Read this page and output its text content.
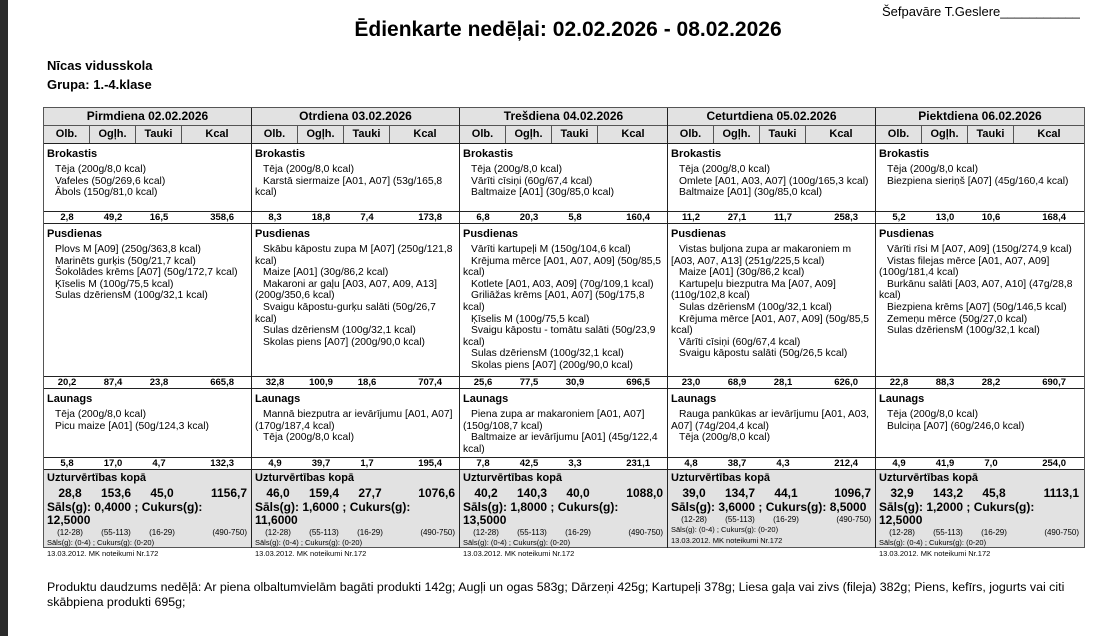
Šefpavāre T.Geslere___________
Ēdienkarte nedēļai: 02.02.2026 - 08.02.2026
Nīcas vidusskola
Grupa: 1.-4.klase
Pirmdiena 02.02.2026
Olb.	Ogļh.	Tauki	Kcal
Brokastis
Tēja (200g/8,0 kcal)
Vafeles (50g/269,6 kcal)
Ābols (150g/81,0 kcal)
2,8	49,2	16,5	358,6
Pusdienas
Plovs M [A09] (250g/363,8 kcal)
Marinēts gurķis (50g/21,7 kcal)
Šokolādes krēms [A07] (50g/172,7 kcal)
Ķīselis M (100g/75,5 kcal)
Sulas dzēriensM (100g/32,1 kcal)
20,2	87,4	23,8	665,8
Launags
Tēja (200g/8,0 kcal)
Picu maize [A01] (50g/124,3 kcal)
5,8	17,0	4,7	132,3
Uzturvērtības kopā
28,8	153,6	45,0	1156,7
Sāls(g): 0,4000 ; Cukurs(g): 12,5000
(12-28)	(55-113)	(16-29)	(490-750)
Sāls(g): (0-4) ; Cukurs(g): (0-20)
13.03.2012. MK noteikumi Nr.172
Otrdiena 03.02.2026
Olb.	Ogļh.	Tauki	Kcal
Brokastis
Tēja (200g/8,0 kcal)
Karstā siermaize [A01, A07] (53g/165,8 kcal)
8,3	18,8	7,4	173,8
Pusdienas
Skābu kāpostu zupa M [A07] (250g/121,8 kcal)
Maize [A01] (30g/86,2 kcal)
Makaroni ar gaļu [A03, A07, A09, A13] (200g/350,6 kcal)
Svaigu kāpostu-gurķu salāti (50g/26,7 kcal)
Sulas dzēriensM (100g/32,1 kcal)
Skolas piens [A07] (200g/90,0 kcal)
32,8	100,9	18,6	707,4
Launags
Mannā biezputra ar ievārījumu [A01, A07] (170g/187,4 kcal)
Tēja (200g/8,0 kcal)
4,9	39,7	1,7	195,4
Uzturvērtības kopā
46,0	159,4	27,7	1076,6
Sāls(g): 1,6000 ; Cukurs(g): 11,6000
(12-28)	(55-113)	(16-29)	(490-750)
Sāls(g): (0-4) ; Cukurs(g): (0-20)
13.03.2012. MK noteikumi Nr.172
Trešdiena 04.02.2026
Olb.	Ogļh.	Tauki	Kcal
Brokastis
Tēja (200g/8,0 kcal)
Vārīti cīsiņi (60g/67,4 kcal)
Baltmaize [A01] (30g/85,0 kcal)
6,8	20,3	5,8	160,4
Pusdienas
Vārīti kartupeļi M (150g/104,6 kcal)
Krējuma mērce [A01, A07, A09] (50g/85,5 kcal)
Kotlete [A01, A03, A09] (70g/109,1 kcal)
Griliāžas krēms [A01, A07] (50g/175,8 kcal)
Ķīselis M (100g/75,5 kcal)
Svaigu kāpostu - tomātu salāti (50g/23,9 kcal)
Sulas dzēriensM (100g/32,1 kcal)
Skolas piens [A07] (200g/90,0 kcal)
25,6	77,5	30,9	696,5
Launags
Piena zupa ar makaroniem [A01, A07] (150g/108,7 kcal)
Baltmaize ar ievārījumu [A01] (45g/122,4 kcal)
7,8	42,5	3,3	231,1
Uzturvērtības kopā
40,2	140,3	40,0	1088,0
Sāls(g): 1,8000 ; Cukurs(g): 13,5000
(12-28)	(55-113)	(16-29)	(490-750)
Sāls(g): (0-4) ; Cukurs(g): (0-20)
13.03.2012. MK noteikumi Nr.172
Ceturtdiena 05.02.2026
Olb.	Ogļh.	Tauki	Kcal
Brokastis
Tēja (200g/8,0 kcal)
Omlete [A01, A03, A07] (100g/165,3 kcal)
Baltmaize [A01] (30g/85,0 kcal)
11,2	27,1	11,7	258,3
Pusdienas
Vistas buljona zupa ar makaroniem m [A03, A07, A13] (251g/225,5 kcal)
Maize [A01] (30g/86,2 kcal)
Kartupeļu biezputra Ma [A07, A09] (110g/102,8 kcal)
Sulas dzēriensM (100g/32,1 kcal)
Krējuma mērce [A01, A07, A09] (50g/85,5 kcal)
Vārīti cīsiņi (60g/67,4 kcal)
Svaigu kāpostu salāti (50g/26,5 kcal)
23,0	68,9	28,1	626,0
Launags
Rauga pankūkas ar ievārījumu [A01, A03, A07] (74g/204,4 kcal)
Tēja (200g/8,0 kcal)
4,8	38,7	4,3	212,4
Uzturvērtības kopā
39,0	134,7	44,1	1096,7
Sāls(g): 3,6000 ; Cukurs(g): 8,5000
(12-28)	(55-113)	(16-29)	(490-750)
Sāls(g): (0-4) ; Cukurs(g): (0-20)
13.03.2012. MK noteikumi Nr.172
Piektdiena 06.02.2026
Olb.	Ogļh.	Tauki	Kcal
Brokastis
Tēja (200g/8,0 kcal)
Biezpiena sieriņš [A07] (45g/160,4 kcal)
5,2	13,0	10,6	168,4
Pusdienas
Vārīti rīsi M [A07, A09] (150g/274,9 kcal)
Vistas filejas mērce [A01, A07, A09] (100g/181,4 kcal)
Burkānu salāti [A03, A07, A10] (47g/28,8 kcal)
Biezpiena krēms [A07] (50g/146,5 kcal)
Zemeņu mērce (50g/27,0 kcal)
Sulas dzēriensM (100g/32,1 kcal)
22,8	88,3	28,2	690,7
Launags
Tēja (200g/8,0 kcal)
Bulciņa [A07] (60g/246,0 kcal)
4,9	41,9	7,0	254,0
Uzturvērtības kopā
32,9	143,2	45,8	1113,1
Sāls(g): 1,2000 ; Cukurs(g): 12,5000
(12-28)	(55-113)	(16-29)	(490-750)
Sāls(g): (0-4) ; Cukurs(g): (0-20)
13.03.2012. MK noteikumi Nr.172
Produktu daudzums nedēļā: Ar piena olbaltumvielām bagāti produkti 142g; Augļi un ogas 583g; Dārzeņi 425g; Kartupeļi 378g; Liesa gaļa vai zivs (fileja) 382g; Piens, kefīrs, jogurts vai citi skābpiena produkti 695g;
